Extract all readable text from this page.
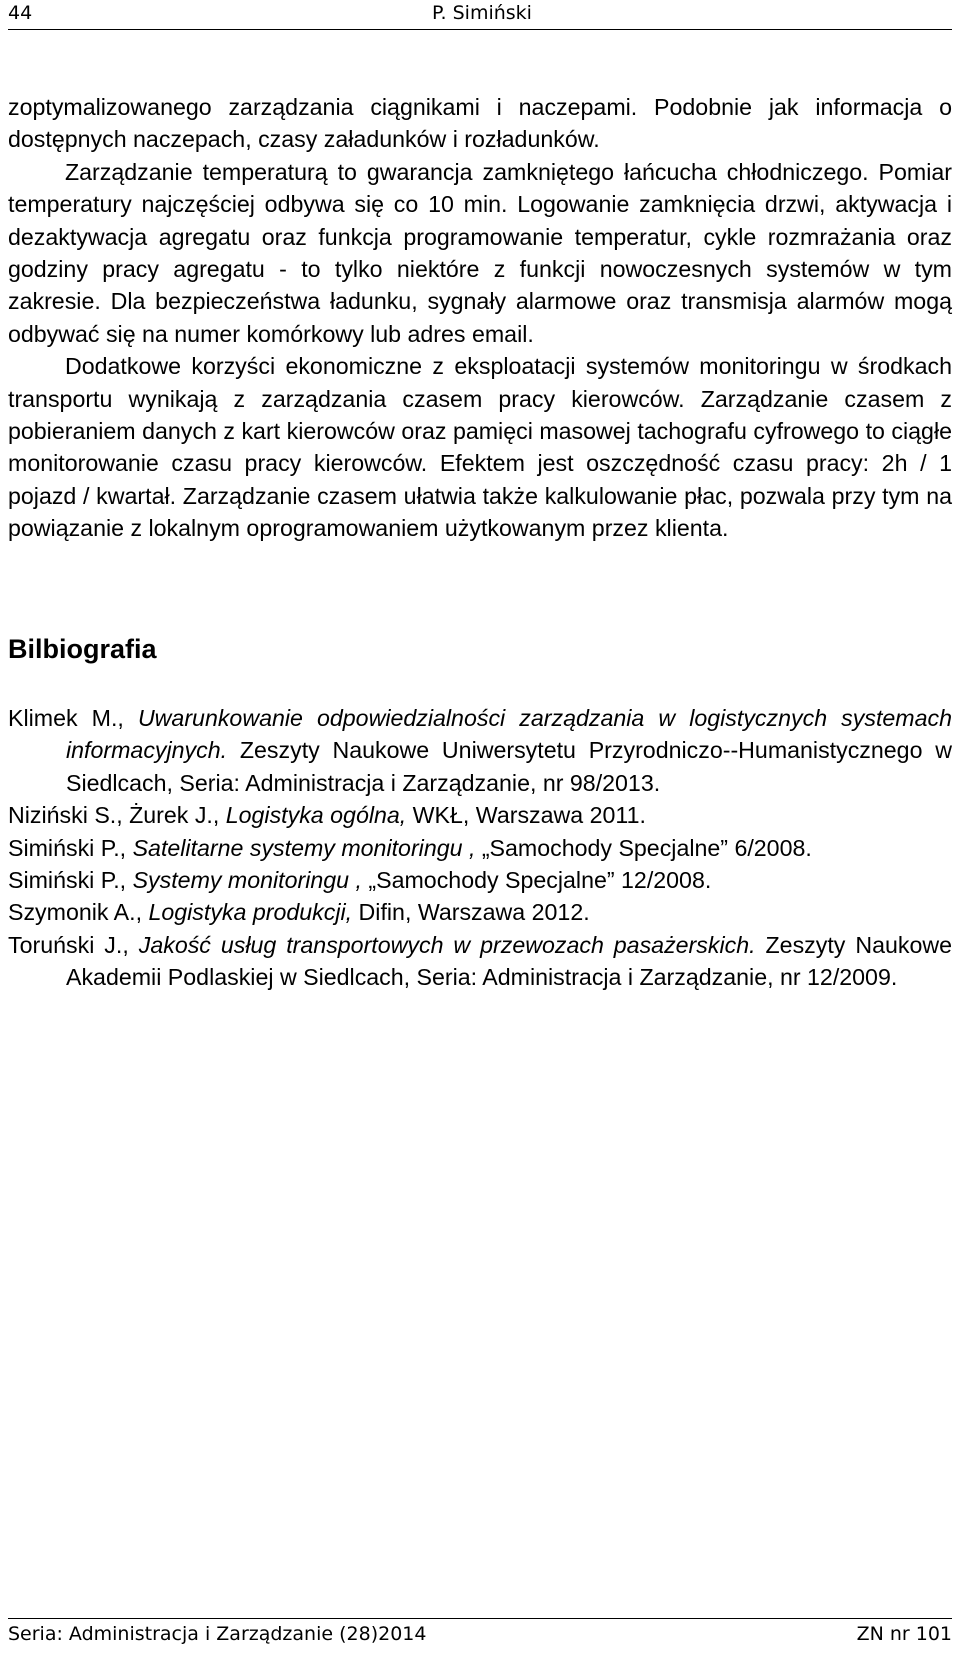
44	P. Simiński

zoptymalizowanego zarządzania ciągnikami i naczepami. Podobnie jak informacja o dostępnych naczepach, czasy załadunków i rozładunków.

Zarządzanie temperaturą to gwarancja zamkniętego łańcucha chłodniczego. Pomiar temperatury najczęściej odbywa się co 10 min. Logowanie zamknięcia drzwi, aktywacja i dezaktywacja agregatu oraz funkcja programowanie temperatur, cykle rozmrażania oraz godziny pracy agregatu - to tylko niektóre z funkcji nowoczesnych systemów w tym zakresie. Dla bezpieczeństwa ładunku, sygnały alarmowe oraz transmisja alarmów mogą odbywać się na numer komórkowy lub adres email.

Dodatkowe korzyści ekonomiczne z eksploatacji systemów monitoringu w środkach transportu wynikają z zarządzania czasem pracy kierowców. Zarządzanie czasem z pobieraniem danych z kart kierowców oraz pamięci masowej tachografu cyfrowego to ciągłe monitorowanie czasu pracy kierowców. Efektem jest oszczędność czasu pracy: 2h / 1 pojazd / kwartał. Zarządzanie czasem ułatwia także kalkulowanie płac, pozwala przy tym na powiązanie z lokalnym oprogramowaniem użytkowanym przez klienta.

Bilbiografia

Klimek M., Uwarunkowanie odpowiedzialności zarządzania w logistycznych systemach informacyjnych. Zeszyty Naukowe Uniwersytetu Przyrodniczo--Humanistycznego w Siedlcach, Seria: Administracja i Zarządzanie, nr 98/2013.

Niziński S., Żurek J., Logistyka ogólna, WKŁ, Warszawa 2011.

Simiński P., Satelitarne systemy monitoringu , „Samochody Specjalne” 6/2008.

Simiński P., Systemy monitoringu , „Samochody Specjalne” 12/2008.

Szymonik A., Logistyka produkcji, Difin, Warszawa 2012.

Toruński J., Jakość usług transportowych w przewozach pasażerskich. Zeszyty Naukowe Akademii Podlaskiej w Siedlcach, Seria: Administracja i Zarządzanie, nr 12/2009.

Seria: Administracja i Zarządzanie (28)2014	ZN nr 101
